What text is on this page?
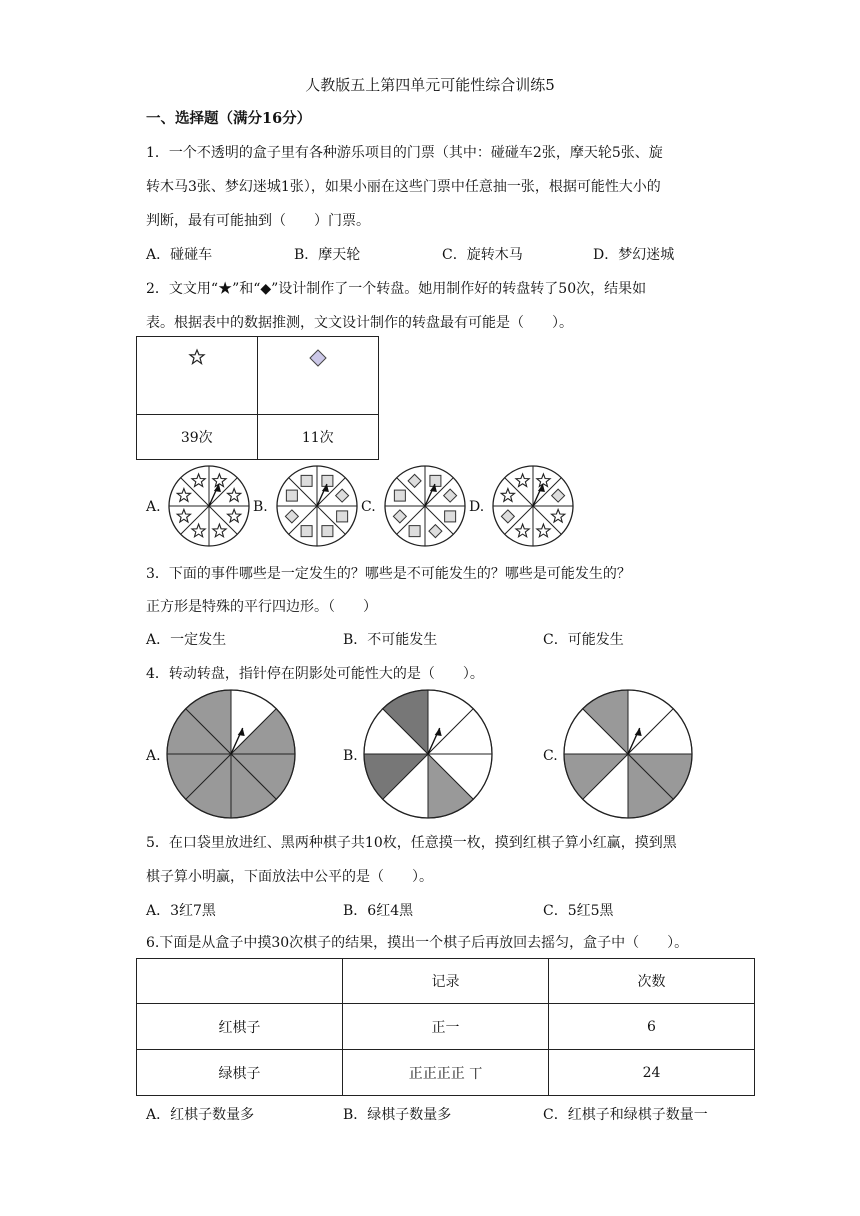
人教版五上第四单元可能性综合训练5
一、选择题（满分16分）
1．一个不透明的盒子里有各种游乐项目的门票（其中：碰碰车2张，摩天轮5张、旋
转木马3张、梦幻迷城1张），如果小丽在这些门票中任意抽一张，根据可能性大小的
判断，最有可能抽到（　　）门票。
A．碰碰车	B．摩天轮	C．旋转木马	D．梦幻迷城
2．文文用“★”和“◆”设计制作了一个转盘。她用制作好的转盘转了50次，结果如
表。根据表中的数据推测，文文设计制作的转盘最有可能是（　　）。

39次	11次
A.	B.	C.	D.
3．下面的事件哪些是一定发生的？哪些是不可能发生的？哪些是可能发生的？
正方形是特殊的平行四边形。（　　）
A．一定发生	B．不可能发生	C．可能发生
4．转动转盘，指针停在阴影处可能性大的是（　　）。
A.	B.	C.
5．在口袋里放进红、黑两种棋子共10枚，任意摸一枚，摸到红棋子算小红赢，摸到黑
棋子算小明赢，下面放法中公平的是（　　）。
A．3红7黑	B．6红4黑	C．5红5黑
6.下面是从盒子中摸30次棋子的结果，摸出一个棋子后再放回去摇匀，盒子中（　　）。
	记录	次数
红棋子	正一	6
绿棋子	正正正正 丅	24
A．红棋子数量多	B．绿棋子数量多	C．红棋子和绿棋子数量一
